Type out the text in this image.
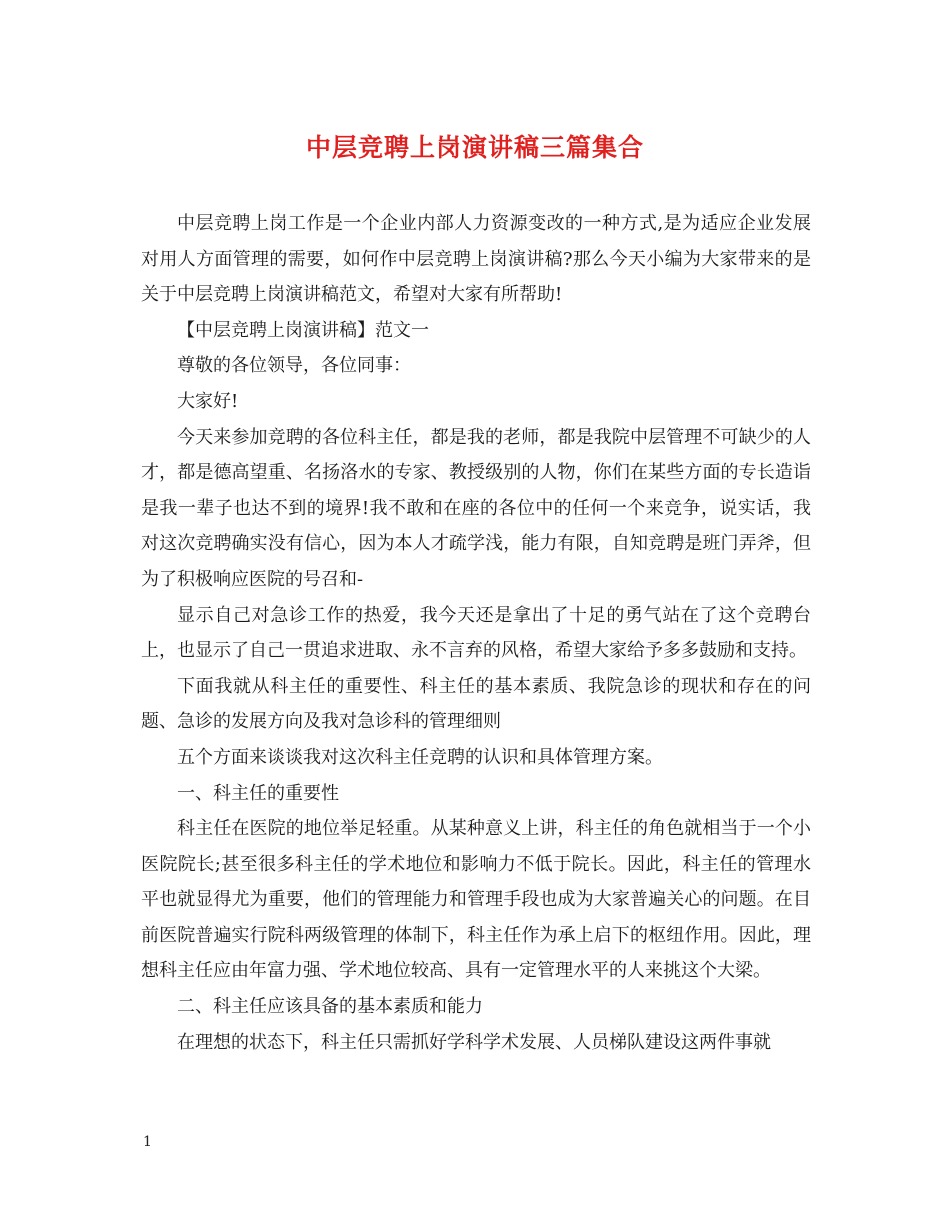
中层竞聘上岗演讲稿三篇集合

中层竞聘上岗工作是一个企业内部人力资源变改的一种方式,是为适应企业发展对用人方面管理的需要，如何作中层竞聘上岗演讲稿?那么今天小编为大家带来的是关于中层竞聘上岗演讲稿范文，希望对大家有所帮助!

【中层竞聘上岗演讲稿】范文一

尊敬的各位领导，各位同事：

大家好!

今天来参加竞聘的各位科主任，都是我的老师，都是我院中层管理不可缺少的人才，都是德高望重、名扬洛水的专家、教授级别的人物，你们在某些方面的专长造诣是我一辈子也达不到的境界!我不敢和在座的各位中的任何一个来竞争，说实话，我对这次竞聘确实没有信心，因为本人才疏学浅，能力有限，自知竞聘是班门弄斧，但为了积极响应医院的号召和-

显示自己对急诊工作的热爱，我今天还是拿出了十足的勇气站在了这个竞聘台上，也显示了自己一贯追求进取、永不言弃的风格，希望大家给予多多鼓励和支持。

下面我就从科主任的重要性、科主任的基本素质、我院急诊的现状和存在的问题、急诊的发展方向及我对急诊科的管理细则

五个方面来谈谈我对这次科主任竞聘的认识和具体管理方案。

一、科主任的重要性

科主任在医院的地位举足轻重。从某种意义上讲，科主任的角色就相当于一个小医院院长;甚至很多科主任的学术地位和影响力不低于院长。因此，科主任的管理水平也就显得尤为重要，他们的管理能力和管理手段也成为大家普遍关心的问题。在目前医院普遍实行院科两级管理的体制下，科主任作为承上启下的枢纽作用。因此，理想科主任应由年富力强、学术地位较高、具有一定管理水平的人来挑这个大梁。

二、科主任应该具备的基本素质和能力

在理想的状态下，科主任只需抓好学科学术发展、人员梯队建设这两件事就

1
